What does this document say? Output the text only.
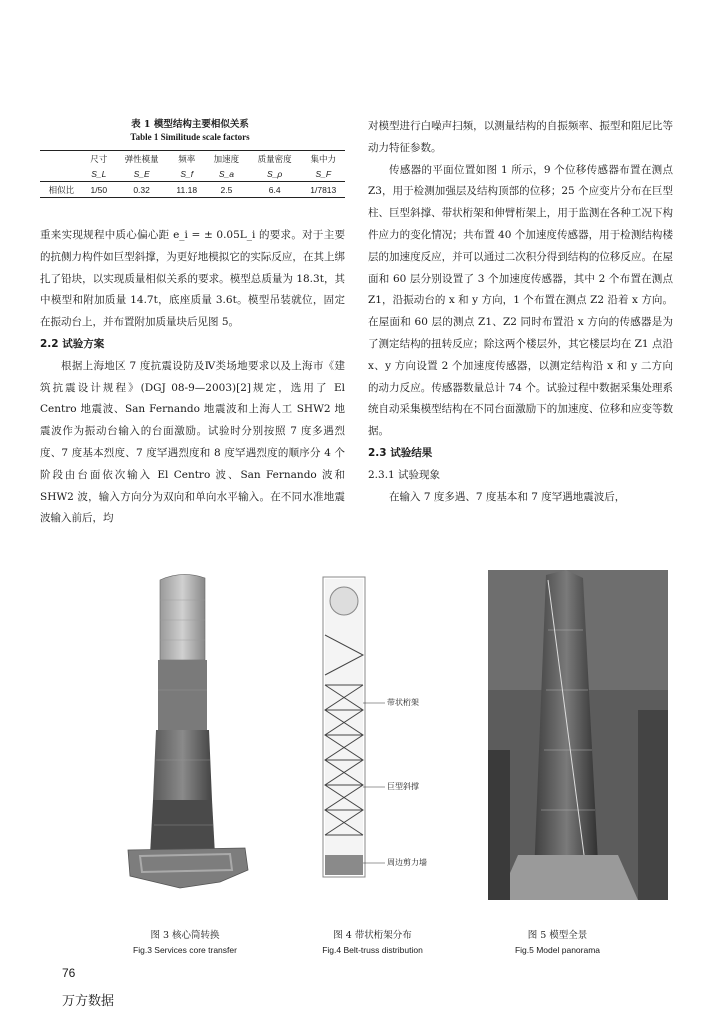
表 1 模型结构主要相似关系
Table 1 Similitude scale factors
	尺寸	弹性模量	频率	加速度	质量密度	集中力
	S_L	S_E	S_f	S_a	S_ρ	S_F
相似比	1/50	0.32	11.18	2.5	6.4	1/7813

重来实现规程中质心偏心距 e_i = ± 0.05L_i 的要求。对于主要的抗侧力构件如巨型斜撑，为更好地模拟它的实际反应，在其上绑扎了铅块，以实现质量相似关系的要求。模型总质量为 18.3t，其中模型和附加质量 14.7t，底座质量 3.6t。模型吊装就位，固定在振动台上，并布置附加质量块后见图 5。

2.2 试验方案

根据上海地区 7 度抗震设防及Ⅳ类场地要求以及上海市《建筑抗震设计规程》(DGJ 08-9—2003)[2]规定，选用了 El Centro 地震波、San Fernando 地震波和上海人工 SHW2 地震波作为振动台输入的台面激励。试验时分别按照 7 度多遇烈度、7 度基本烈度、7 度罕遇烈度和 8 度罕遇烈度的顺序分 4 个阶段由台面依次输入 El Centro 波、San Fernando 波和 SHW2 波，输入方向分为双向和单向水平输入。在不同水准地震波输入前后，均

对模型进行白噪声扫频，以测量结构的自振频率、振型和阻尼比等动力特征参数。

传感器的平面位置如图 1 所示，9 个位移传感器布置在测点 Z3，用于检测加强层及结构顶部的位移；25 个应变片分布在巨型柱、巨型斜撑、带状桁架和伸臂桁架上，用于监测在各种工况下构件应力的变化情况；共布置 40 个加速度传感器，用于检测结构楼层的加速度反应，并可以通过二次积分得到结构的位移反应。在屋面和 60 层分别设置了 3 个加速度传感器，其中 2 个布置在测点 Z1，沿振动台的 x 和 y 方向，1 个布置在测点 Z2 沿着 x 方向。在屋面和 60 层的测点 Z1、Z2 同时布置沿 x 方向的传感器是为了测定结构的扭转反应；除这两个楼层外，其它楼层均在 Z1 点沿 x、y 方向设置 2 个加速度传感器，以测定结构沿 x 和 y 二方向的动力反应。传感器数量总计 74 个。试验过程中数据采集处理系统自动采集模型结构在不同台面激励下的加速度、位移和应变等数据。

2.3 试验结果

2.3.1 试验现象

在输入 7 度多遇、7 度基本和 7 度罕遇地震波后，

带状桁架
巨型斜撑
周边剪力墙
图 3 核心筒转换
Fig.3 Services core transfer
图 4 带状桁架分布
Fig.4 Belt-truss distribution
图 5 模型全景
Fig.5 Model panorama
76
万方数据
